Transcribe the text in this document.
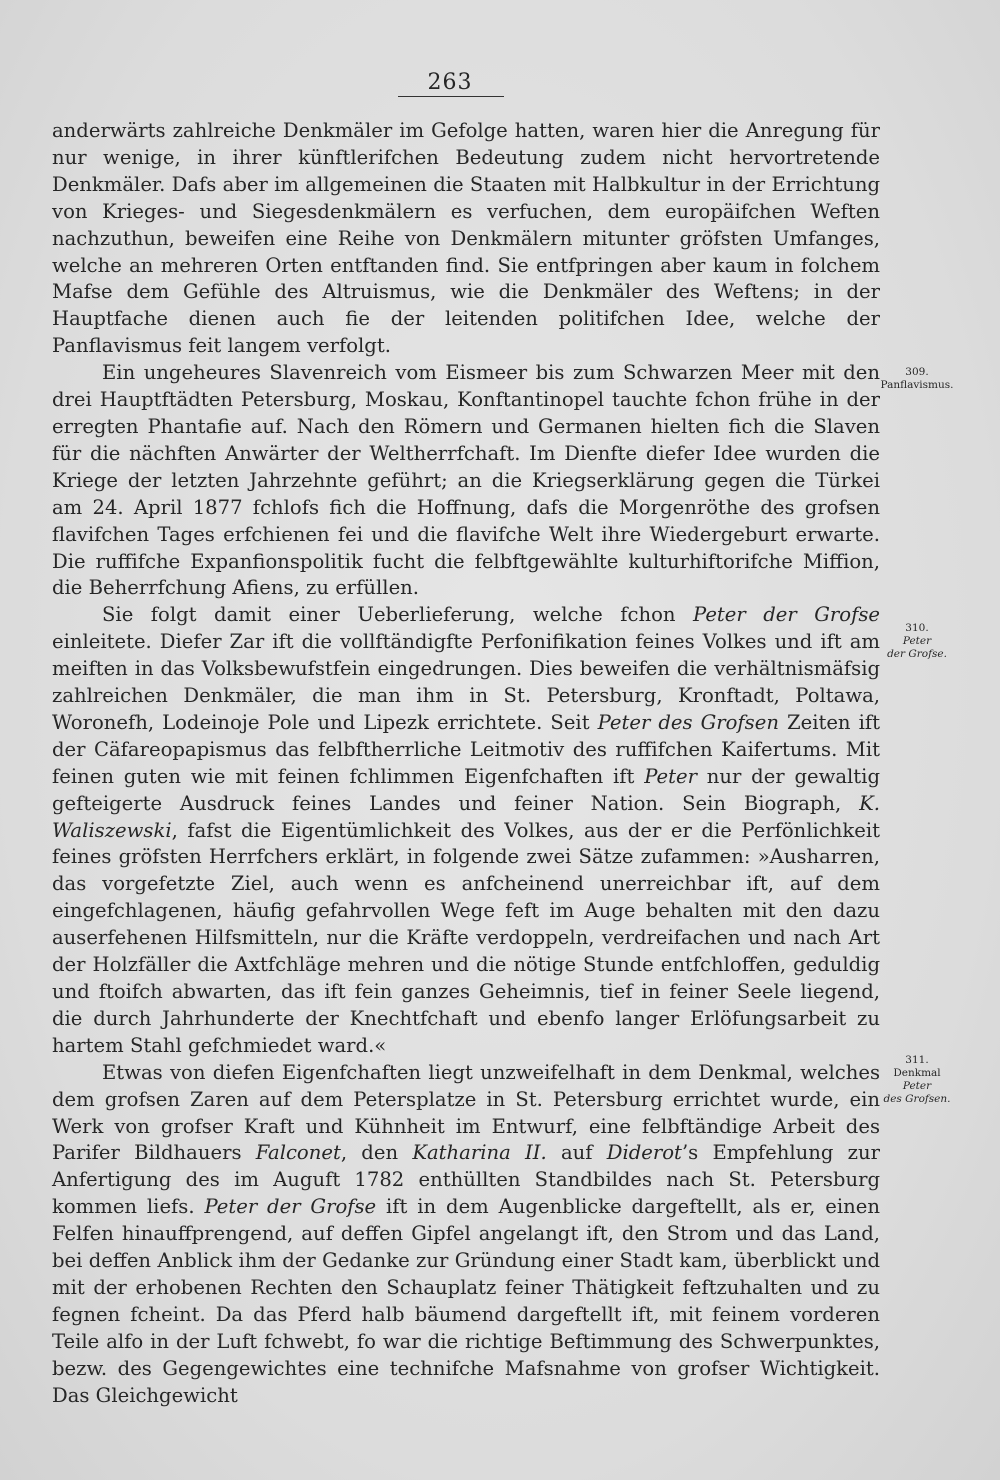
263

anderwärts zahlreiche Denkmäler im Gefolge hatten, waren hier die Anregung für nur wenige, in ihrer künftlerifchen Bedeutung zudem nicht hervortretende Denkmäler. Dafs aber im allgemeinen die Staaten mit Halbkultur in der Errichtung von Krieges- und Siegesdenkmälern es verfuchen, dem europäifchen Weften nachzuthun, beweifen eine Reihe von Denkmälern mitunter gröfsten Umfanges, welche an mehreren Orten entftanden find. Sie entfpringen aber kaum in folchem Mafse dem Gefühle des Altruismus, wie die Denkmäler des Weftens; in der Hauptfache dienen auch fie der leitenden politifchen Idee, welche der Panflavismus feit langem verfolgt.

Ein ungeheures Slavenreich vom Eismeer bis zum Schwarzen Meer mit den drei Hauptftädten Petersburg, Moskau, Konftantinopel tauchte fchon frühe in der erregten Phantafie auf. Nach den Römern und Germanen hielten fich die Slaven für die nächften Anwärter der Weltherrfchaft. Im Dienfte diefer Idee wurden die Kriege der letzten Jahrzehnte geführt; an die Kriegserklärung gegen die Türkei am 24. April 1877 fchlofs fich die Hoffnung, dafs die Morgenröthe des grofsen flavifchen Tages erfchienen fei und die flavifche Welt ihre Wiedergeburt erwarte. Die ruffifche Expanfionspolitik fucht die felbftgewählte kulturhiftorifche Miffion, die Beherrfchung Afiens, zu erfüllen.

Sie folgt damit einer Ueberlieferung, welche fchon Peter der Grofse einleitete. Diefer Zar ift die vollftändigfte Perfonifikation feines Volkes und ift am meiften in das Volksbewufstfein eingedrungen. Dies beweifen die verhältnismäfsig zahlreichen Denkmäler, die man ihm in St. Petersburg, Kronftadt, Poltawa, Woronefh, Lodeinoje Pole und Lipezk errichtete. Seit Peter des Grofsen Zeiten ift der Cäfareopapismus das felbftherrliche Leitmotiv des ruffifchen Kaifertums. Mit feinen guten wie mit feinen fchlimmen Eigenfchaften ift Peter nur der gewaltig gefteigerte Ausdruck feines Landes und feiner Nation. Sein Biograph, K. Waliszewski, fafst die Eigentümlichkeit des Volkes, aus der er die Perfönlichkeit feines gröfsten Herrfchers erklärt, in folgende zwei Sätze zufammen: »Ausharren, das vorgefetzte Ziel, auch wenn es anfcheinend unerreichbar ift, auf dem eingefchlagenen, häufig gefahrvollen Wege feft im Auge behalten mit den dazu auserfehenen Hilfsmitteln, nur die Kräfte verdoppeln, verdreifachen und nach Art der Holzfäller die Axtfchläge mehren und die nötige Stunde entfchloffen, geduldig und ftoifch abwarten, das ift fein ganzes Geheimnis, tief in feiner Seele liegend, die durch Jahrhunderte der Knechtfchaft und ebenfo langer Erlöfungsarbeit zu hartem Stahl gefchmiedet ward.«

Etwas von diefen Eigenfchaften liegt unzweifelhaft in dem Denkmal, welches dem grofsen Zaren auf dem Petersplatze in St. Petersburg errichtet wurde, ein Werk von grofser Kraft und Kühnheit im Entwurf, eine felbftändige Arbeit des Parifer Bildhauers Falconet, den Katharina II. auf Diderot’s Empfehlung zur Anfertigung des im Auguft 1782 enthüllten Standbildes nach St. Petersburg kommen liefs. Peter der Grofse ift in dem Augenblicke dargeftellt, als er, einen Felfen hinauffprengend, auf deffen Gipfel angelangt ift, den Strom und das Land, bei deffen Anblick ihm der Gedanke zur Gründung einer Stadt kam, überblickt und mit der erhobenen Rechten den Schauplatz feiner Thätigkeit feftzuhalten und zu fegnen fcheint. Da das Pferd halb bäumend dargeftellt ift, mit feinem vorderen Teile alfo in der Luft fchwebt, fo war die richtige Beftimmung des Schwerpunktes, bezw. des Gegengewichtes eine technifche Mafsnahme von grofser Wichtigkeit. Das Gleichgewicht

309.
Panflavismus.
310.
Peter
der Grofse.
311.
Denkmal
Peter
des Grofsen.
